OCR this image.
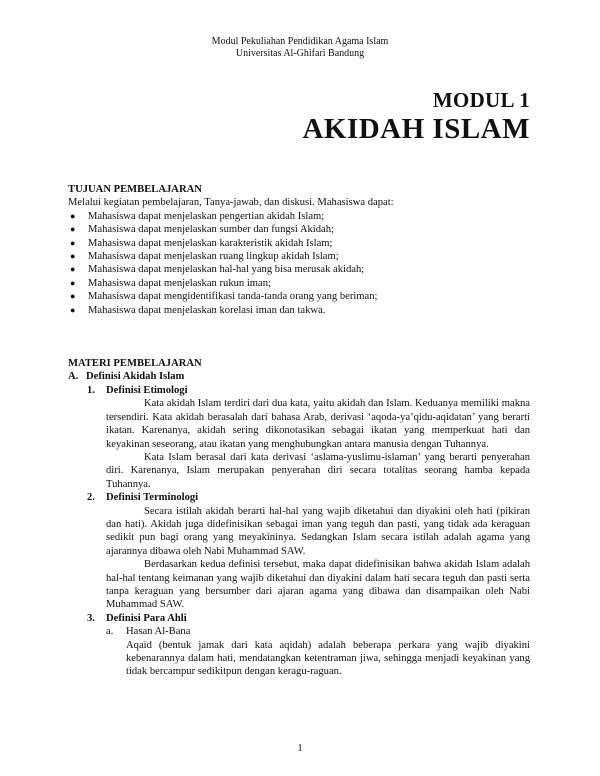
Modul Pekuliahan Pendidikan Agama Islam
Universitas Al-Ghifari Bandung
MODUL 1
AKIDAH ISLAM
TUJUAN PEMBELAJARAN
Melalui kegiatan pembelajaran, Tanya-jawab, dan diskusi. Mahasiswa dapat:
● Mahasiswa dapat menjelaskan pengertian akidah Islam;
● Mahasiswa dapat menjelaskan sumber dan fungsi Akidah;
● Mahasiswa dapat menjelaskan karakteristik akidah Islam;
● Mahasiswa dapat menjelaskan ruang lingkup akidah Islam;
● Mahasiswa dapat menjelaskan hal-hal yang bisa merusak akidah;
● Mahasiswa dapat menjelaskan rukun iman;
● Mahasiswa dapat mengidentifikasi tanda-tanda orang yang beriman;
● Mahasiswa dapat menjelaskan korelasi iman dan takwa.
MATERI PEMBELAJARAN
A. Definisi Akidah Islam
1.	Definisi Etimologi
Kata akidah Islam terdiri dari dua kata, yaitu akidah dan Islam. Keduanya memiliki makna tersendiri. Kata akidah berasalah dari bahasa Arab, derivasi ‘aqoda-ya’qidu-aqidatan’ yang berarti ikatan. Karenanya, akidah sering dikonotasikan sebagai ikatan yang memperkuat hati dan keyakinan seseorang, atau ikatan yang menghubungkan antara manusia dengan Tuhannya.
Kata Islam berasal dari kata derivasi ‘aslama-yuslimu-islaman’ yang berarti penyerahan diri. Karenanya, Islam merupakan penyerahan diri secara totalitas seorang hamba kepada Tuhannya.
2.	Definisi Terminologi
Secara istilah akidah berarti hal-hal yang wajib diketahui dan diyakini oleh hati (pikiran dan hati). Akidah juga didefinisikan sebagai iman yang teguh dan pasti, yang tidak ada keraguan sedikit pun bagi orang yang meyakininya. Sedangkan Islam secara istilah adalah agama yang ajarannya dibawa oleh Nabi Muhammad SAW.
Berdasarkan kedua definisi tersebut, maka dapat didefinisikan bahwa akidah Islam adalah hal-hal tentang keimanan yang wajib diketahui dan diyakini dalam hati secara teguh dan pasti serta tanpa keraguan yang bersumber dari ajaran agama yang dibawa dan disampaikan oleh Nabi Muhammad SAW.
3.	Definisi Para Ahli
a.	Hasan Al-Bana
Aqaid (bentuk jamak dari kata aqidah) adalah beberapa perkara yang wajib diyakini kebenarannya dalam hati, mendatangkan ketentraman jiwa, sehingga menjadi keyakinan yang tidak bercampur sedikitpun dengan keragu-raguan.
1
